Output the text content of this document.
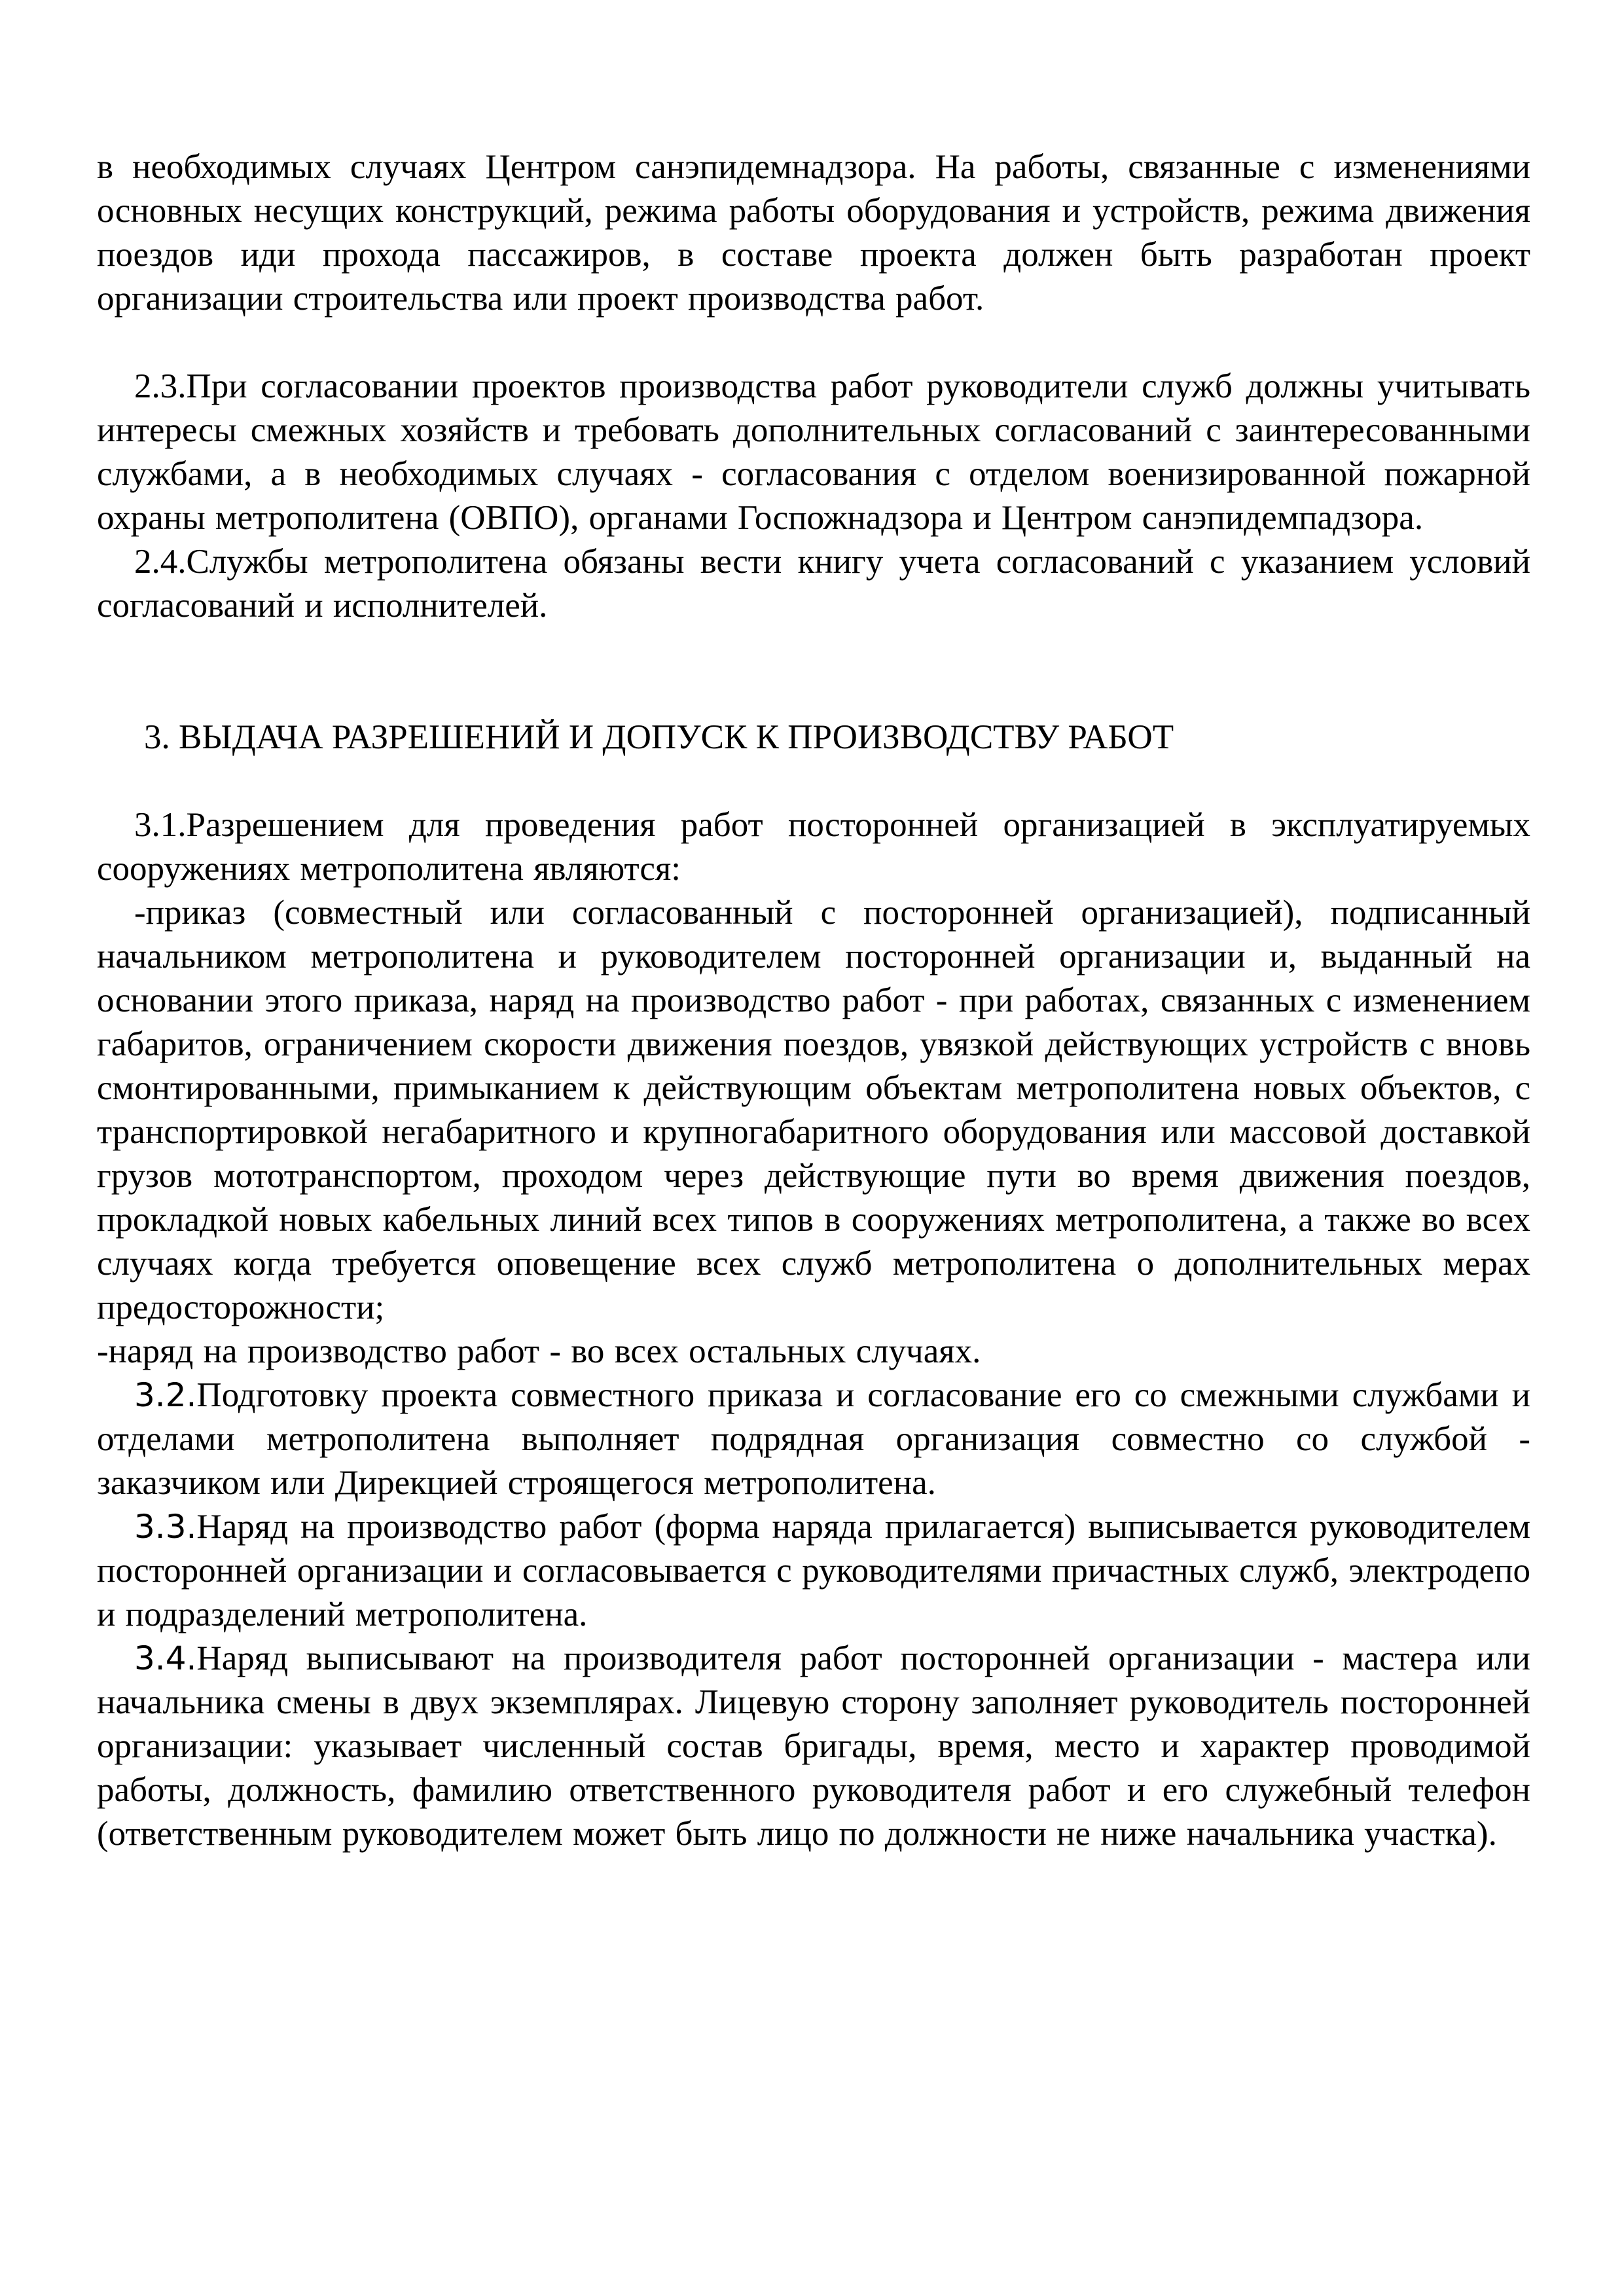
в необходимых случаях Центром санэпидемнадзора. На работы, связанные с изменениями основных несущих конструкций, режима работы оборудования и устройств, режима движения поездов иди прохода пассажиров, в составе проекта должен быть разработан проект организации строительства или проект производства работ.

2.3.При согласовании проектов производства работ руководители служб должны учитывать интересы смежных хозяйств и требовать дополнительных согласований с заинтересованными службами, а в необходимых случаях - согласования с отделом военизированной пожарной охраны метрополитена (ОВПО), органами Госпожнадзора и Центром санэпидемпадзора.

2.4.Службы метрополитена обязаны вести книгу учета согласований с указанием условий согласований и исполнителей.

3. ВЫДАЧА РАЗРЕШЕНИЙ И ДОПУСК К ПРОИЗВОДСТВУ РАБОТ

3.1.Разрешением для проведения работ посторонней организацией в эксплуатируемых сооружениях метрополитена являются:

-приказ (совместный или согласованный с посторонней организацией), подписанный начальником метрополитена и руководителем посторонней организации и, выданный на основании этого приказа, наряд на производство работ - при работах, связанных с изменением габаритов, ограничением скорости движения поездов, увязкой действующих устройств с вновь смонтированными, примыканием к действующим объектам метрополитена новых объектов, с транспортировкой негабаритного и крупногабаритного оборудования или массовой доставкой грузов мототранспортом, проходом через действующие пути во время движения поездов, прокладкой новых кабельных линий всех типов в сооружениях метрополитена, а также во всех случаях когда требуется оповещение всех служб метрополитена о дополнительных мерах предосторожности;

-наряд на производство работ - во всех остальных случаях.

3.2.Подготовку проекта совместного приказа и согласование его со смежными службами и отделами метрополитена выполняет подрядная организация совместно со службой - заказчиком или Дирекцией строящегося метрополитена.

3.3.Наряд на производство работ (форма наряда прилагается) выписывается руководителем посторонней организации и согласовывается с руководителями причастных служб, электродепо и подразделений метрополитена.

3.4.Наряд выписывают на производителя работ посторонней организации - мастера или начальника смены в двух экземплярах. Лицевую сторону заполняет руководитель посторонней организации: указывает численный состав бригады, время, место и характер проводимой работы, должность, фамилию ответственного руководителя работ и его служебный телефон (ответственным руководителем может быть лицо по должности не ниже начальника участка).
